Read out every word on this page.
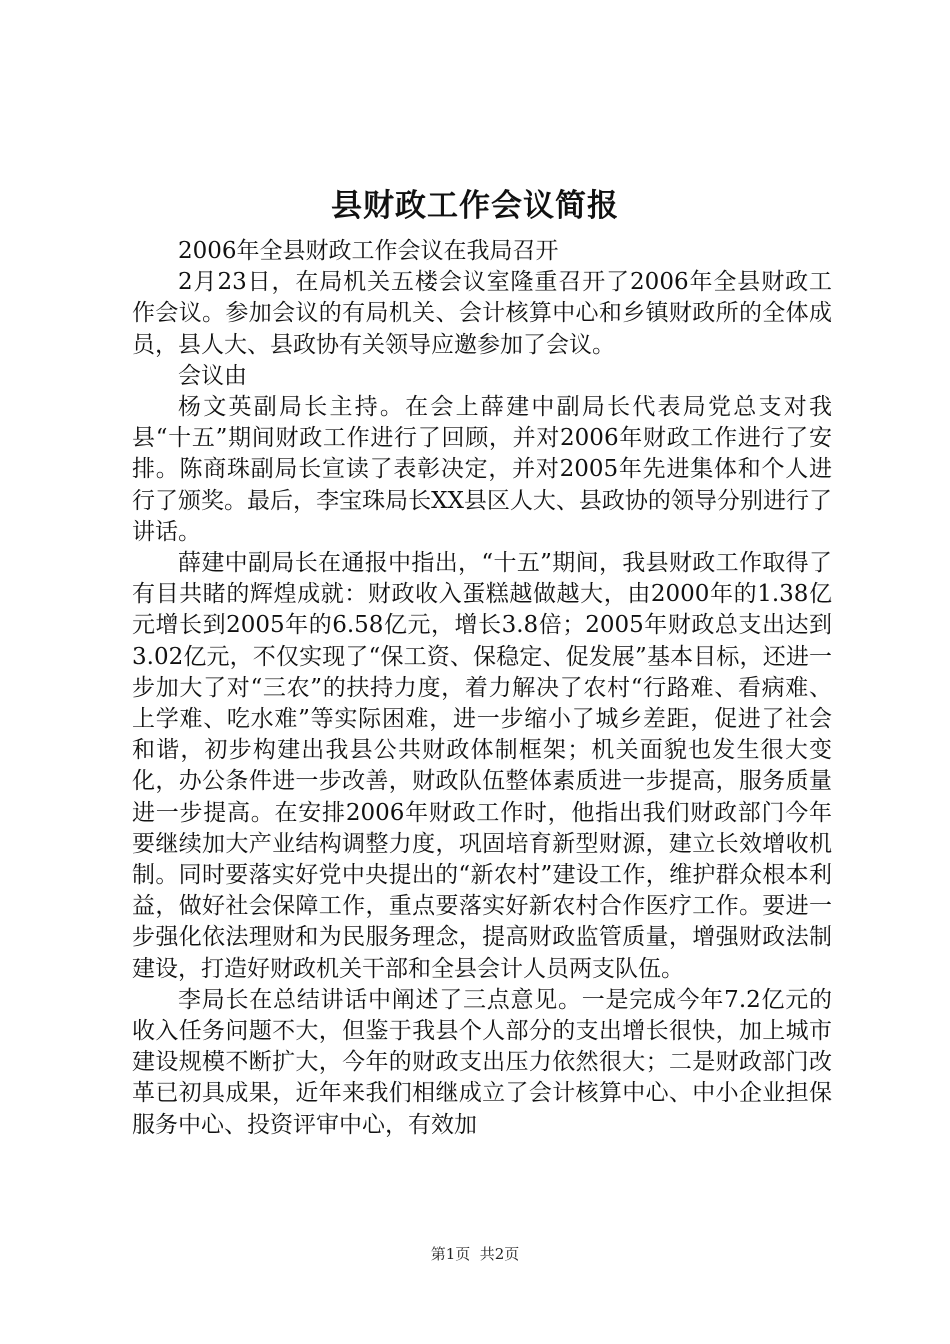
县财政工作会议简报

2006年全县财政工作会议在我局召开

2月23日，在局机关五楼会议室隆重召开了2006年全县财政工作会议。参加会议的有局机关、会计核算中心和乡镇财政所的全体成员，县人大、县政协有关领导应邀参加了会议。

会议由

杨文英副局长主持。在会上薛建中副局长代表局党总支对我县“十五”期间财政工作进行了回顾，并对2006年财政工作进行了安排。陈商珠副局长宣读了表彰决定，并对2005年先进集体和个人进行了颁奖。最后，李宝珠局长XX县区人大、县政协的领导分别进行了讲话。

薛建中副局长在通报中指出，“十五”期间，我县财政工作取得了有目共睹的辉煌成就：财政收入蛋糕越做越大，由2000年的1.38亿元增长到2005年的6.58亿元，增长3.8倍；2005年财政总支出达到3.02亿元，不仅实现了“保工资、保稳定、促发展”基本目标，还进一步加大了对“三农”的扶持力度，着力解决了农村“行路难、看病难、上学难、吃水难”等实际困难，进一步缩小了城乡差距，促进了社会和谐，初步构建出我县公共财政体制框架；机关面貌也发生很大变化，办公条件进一步改善，财政队伍整体素质进一步提高，服务质量进一步提高。在安排2006年财政工作时，他指出我们财政部门今年要继续加大产业结构调整力度，巩固培育新型财源，建立长效增收机制。同时要落实好党中央提出的“新农村”建设工作，维护群众根本利益，做好社会保障工作，重点要落实好新农村合作医疗工作。要进一步强化依法理财和为民服务理念，提高财政监管质量，增强财政法制建设，打造好财政机关干部和全县会计人员两支队伍。

李局长在总结讲话中阐述了三点意见。一是完成今年7.2亿元的收入任务问题不大，但鉴于我县个人部分的支出增长很快，加上城市建设规模不断扩大，今年的财政支出压力依然很大；二是财政部门改革已初具成果，近年来我们相继成立了会计核算中心、中小企业担保服务中心、投资评审中心，有效加

第1页  共2页
